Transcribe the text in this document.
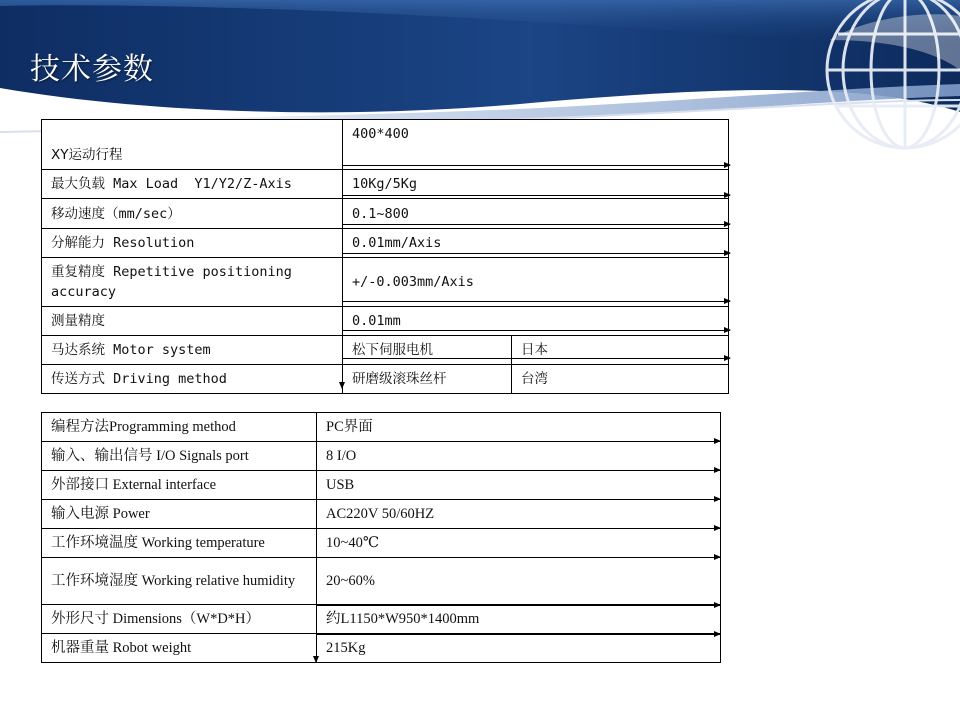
技术参数
XY运动行程	400*400	
最大负载 Max Load  Y1/Y2/Z-Axis	10Kg/5Kg	
移动速度（mm/sec）	0.1~800	
分解能力 Resolution	0.01mm/Axis	
重复精度 Repetitive positioning accuracy	+/-0.003mm/Axis	
测量精度	0.01mm	
马达系统 Motor system	松下伺服电机	日本
传送方式 Driving method	研磨级滚珠丝杆	台湾
编程方法Programming method	PC界面
输入、输出信号 I/O Signals port	8 I/O
外部接口 External interface	USB
输入电源 Power	AC220V 50/60HZ
工作环境温度 Working temperature	10~40℃
工作环境湿度 Working relative humidity	20~60%
外形尺寸 Dimensions（W*D*H）	约L1150*W950*1400mm
机器重量 Robot weight	215Kg
